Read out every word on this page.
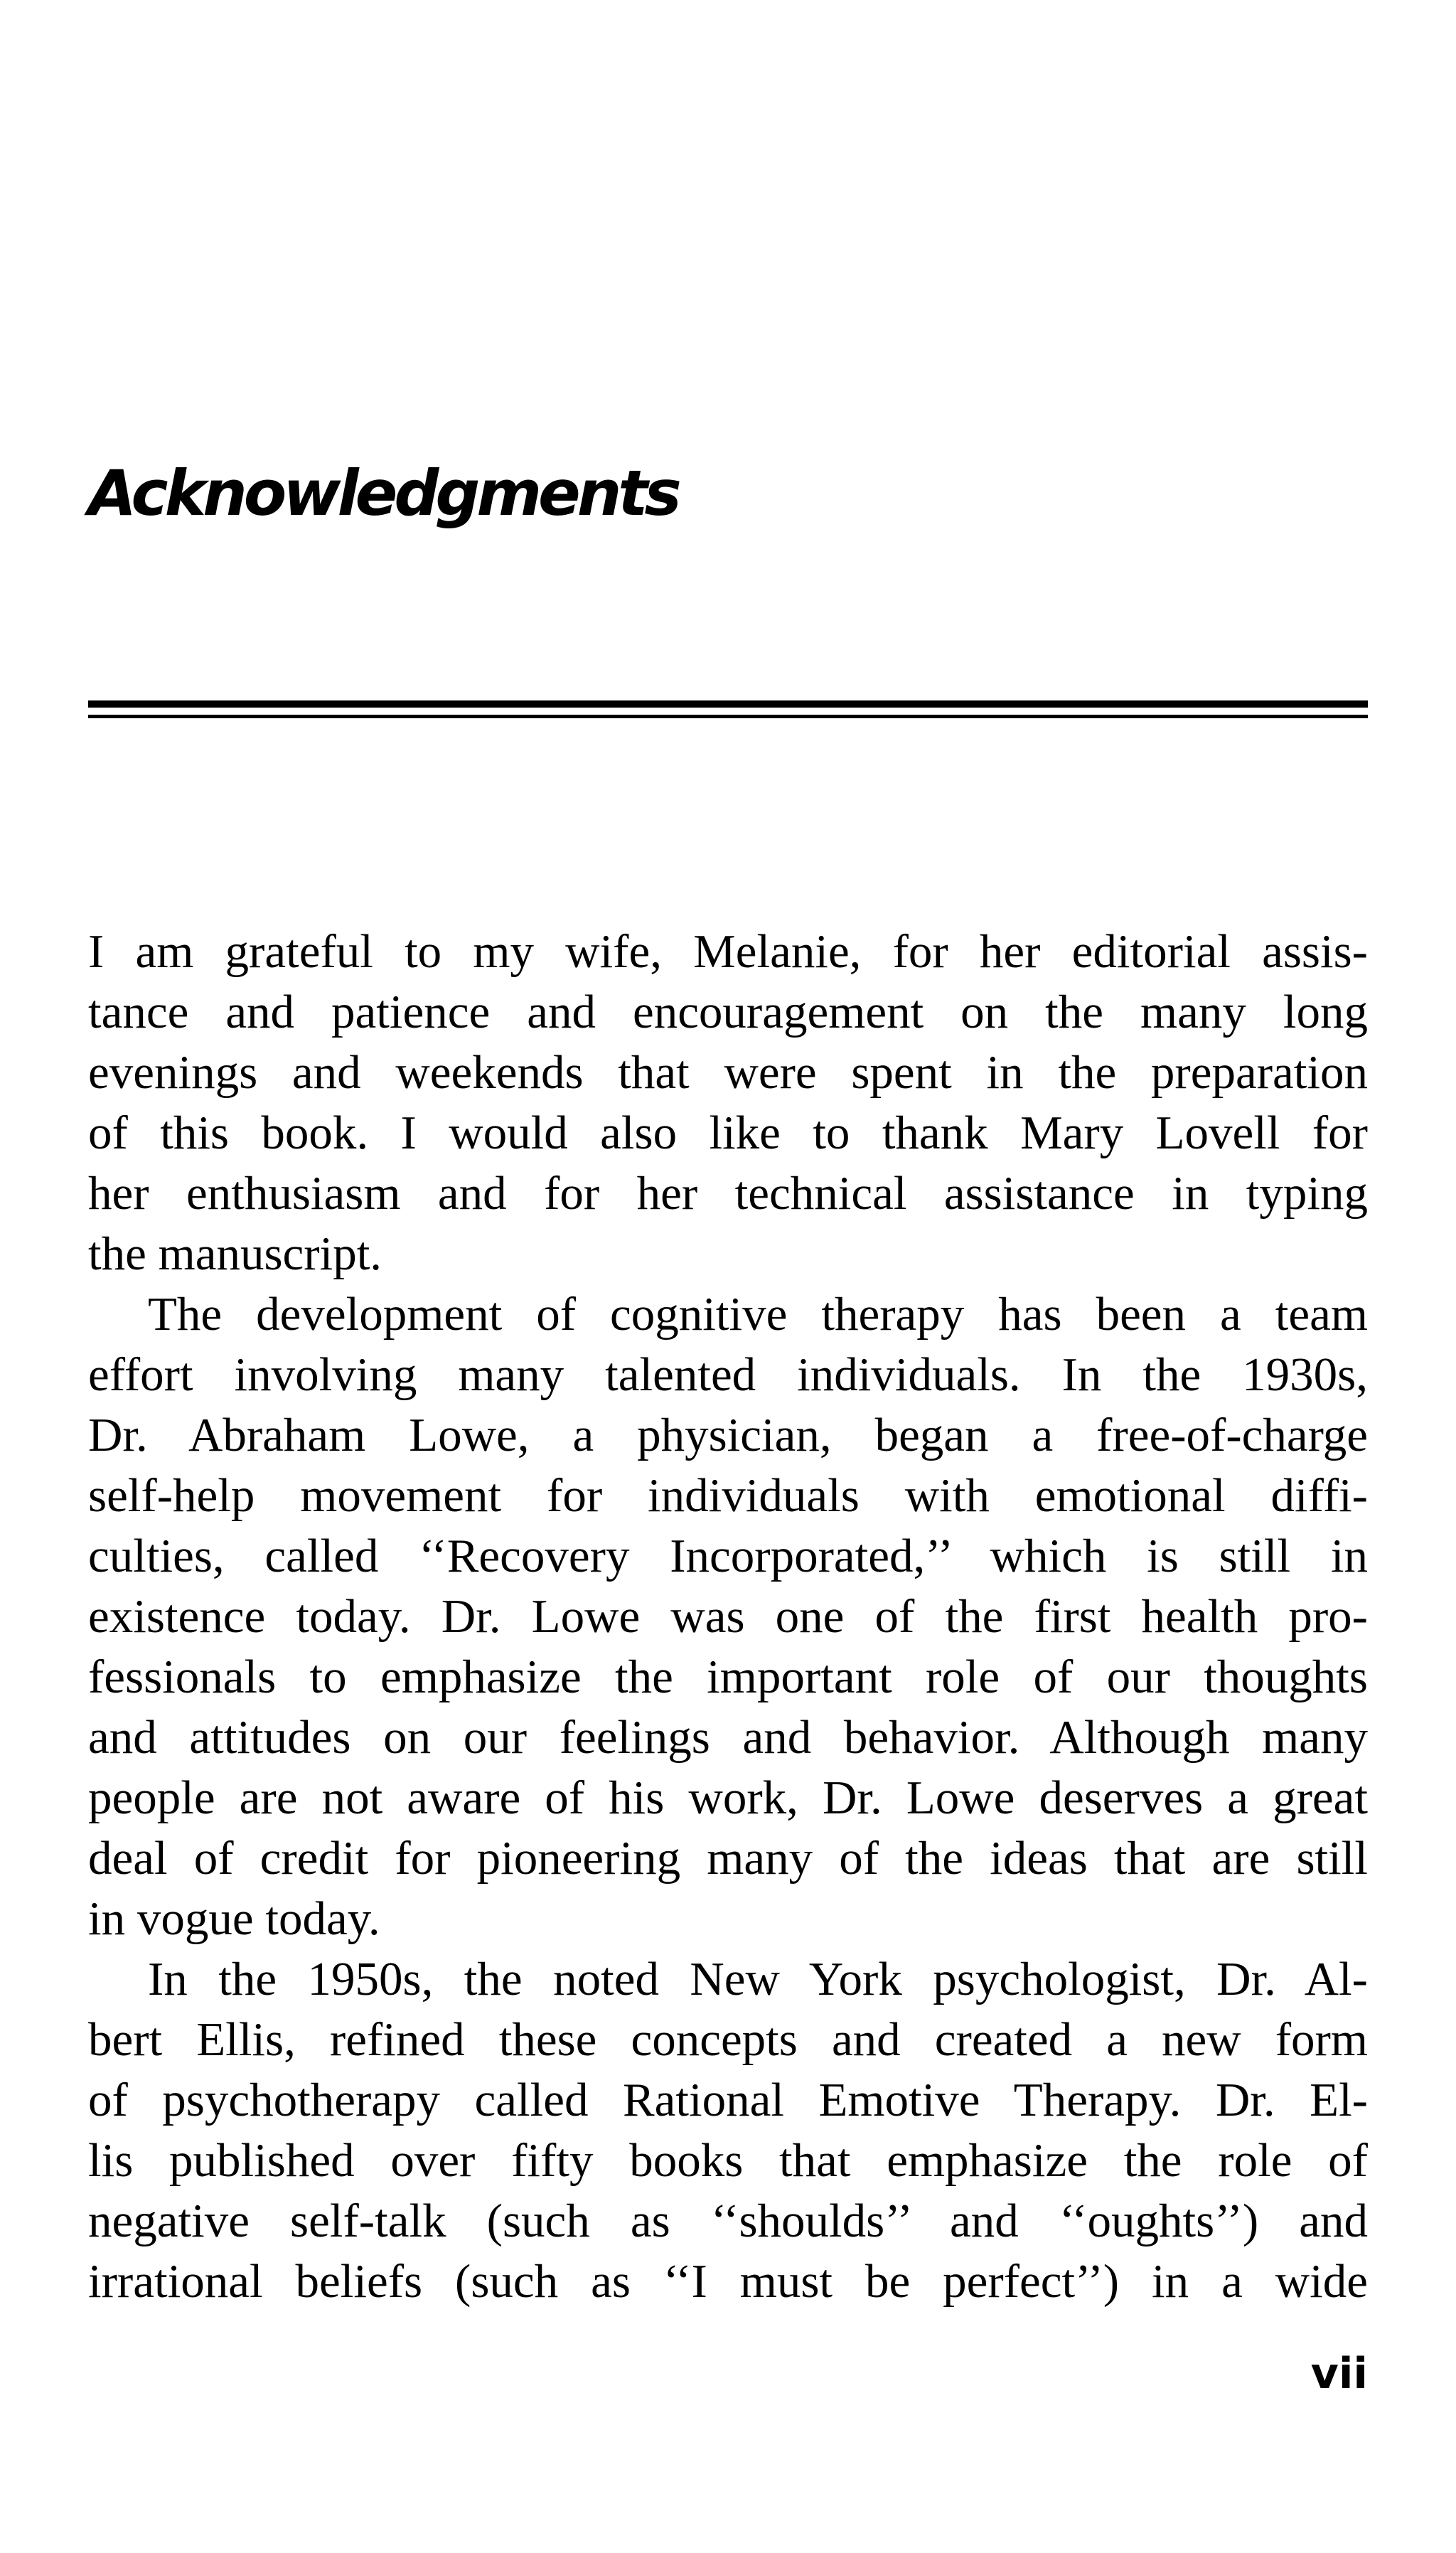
Acknowledgments

I am grateful to my wife, Melanie, for her editorial assis-
tance and patience and encouragement on the many long
evenings and weekends that were spent in the preparation
of this book. I would also like to thank Mary Lovell for
her enthusiasm and for her technical assistance in typing
the manuscript.

The development of cognitive therapy has been a team
effort involving many talented individuals. In the 1930s,
Dr. Abraham Lowe, a physician, began a free-of-charge
self-help movement for individuals with emotional diffi-
culties, called ‘‘Recovery Incorporated,’’ which is still in
existence today. Dr. Lowe was one of the first health pro-
fessionals to emphasize the important role of our thoughts
and attitudes on our feelings and behavior. Although many
people are not aware of his work, Dr. Lowe deserves a great
deal of credit for pioneering many of the ideas that are still
in vogue today.

In the 1950s, the noted New York psychologist, Dr. Al-
bert Ellis, refined these concepts and created a new form
of psychotherapy called Rational Emotive Therapy. Dr. El-
lis published over fifty books that emphasize the role of
negative self-talk (such as ‘‘shoulds’’ and ‘‘oughts’’) and
irrational beliefs (such as ‘‘I must be perfect’’) in a wide

vii
